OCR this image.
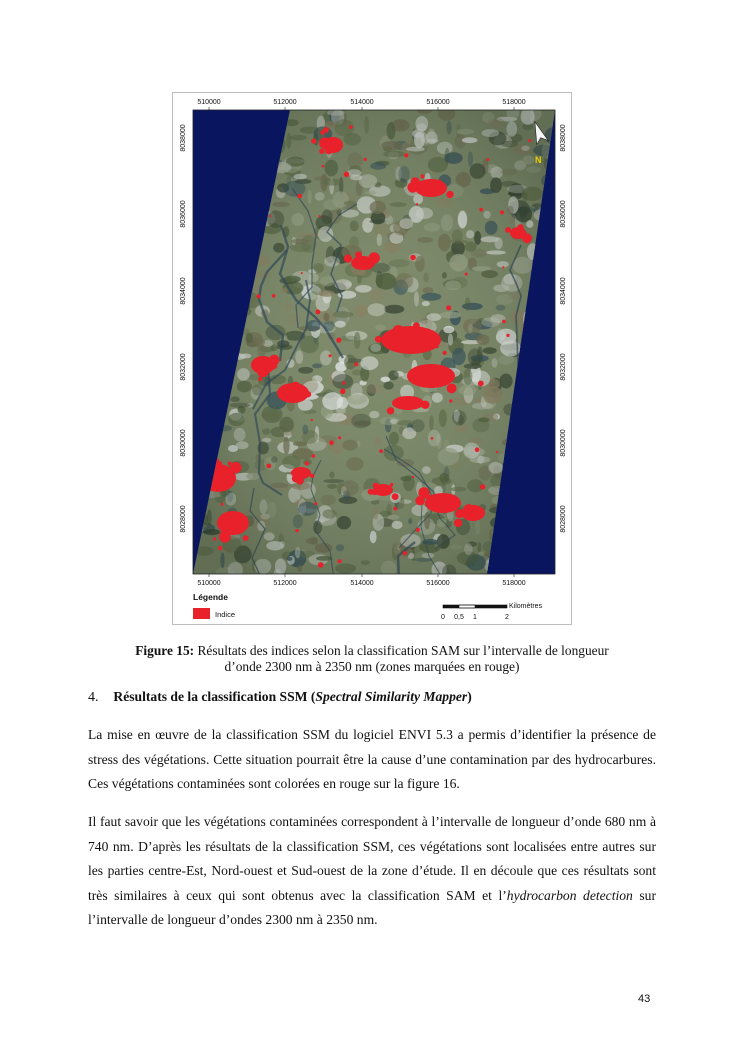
N
510000	512000	514000	516000	518000
510000	512000	514000	516000	518000
8038000
8036000
8034000
8032000
8030000
8028000
8038000
8036000
8034000
8032000
8030000
8028000
Légende
Indice
Kilomètres
0 0,5 1	2
Figure 15: Résultats des indices selon la classification SAM sur l’intervalle de longueur
d’onde 2300 nm à 2350 nm (zones marquées en rouge)
4. Résultats de la classification SSM (Spectral Similarity Mapper)

La mise en œuvre de la classification SSM du logiciel ENVI 5.3 a permis d’identifier la présence de stress des végétations. Cette situation pourrait être la cause d’une contamination par des hydrocarbures. Ces végétations contaminées sont colorées en rouge sur la figure 16.

Il faut savoir que les végétations contaminées correspondent à l’intervalle de longueur d’onde 680 nm à 740 nm. D’après les résultats de la classification SSM, ces végétations sont localisées entre autres sur les parties centre-Est, Nord-ouest et Sud-ouest de la zone d’étude. Il en découle que ces résultats sont très similaires à ceux qui sont obtenus avec la classification SAM et l’hydrocarbon detection sur l’intervalle de longueur d’ondes 2300 nm à 2350 nm.

43
